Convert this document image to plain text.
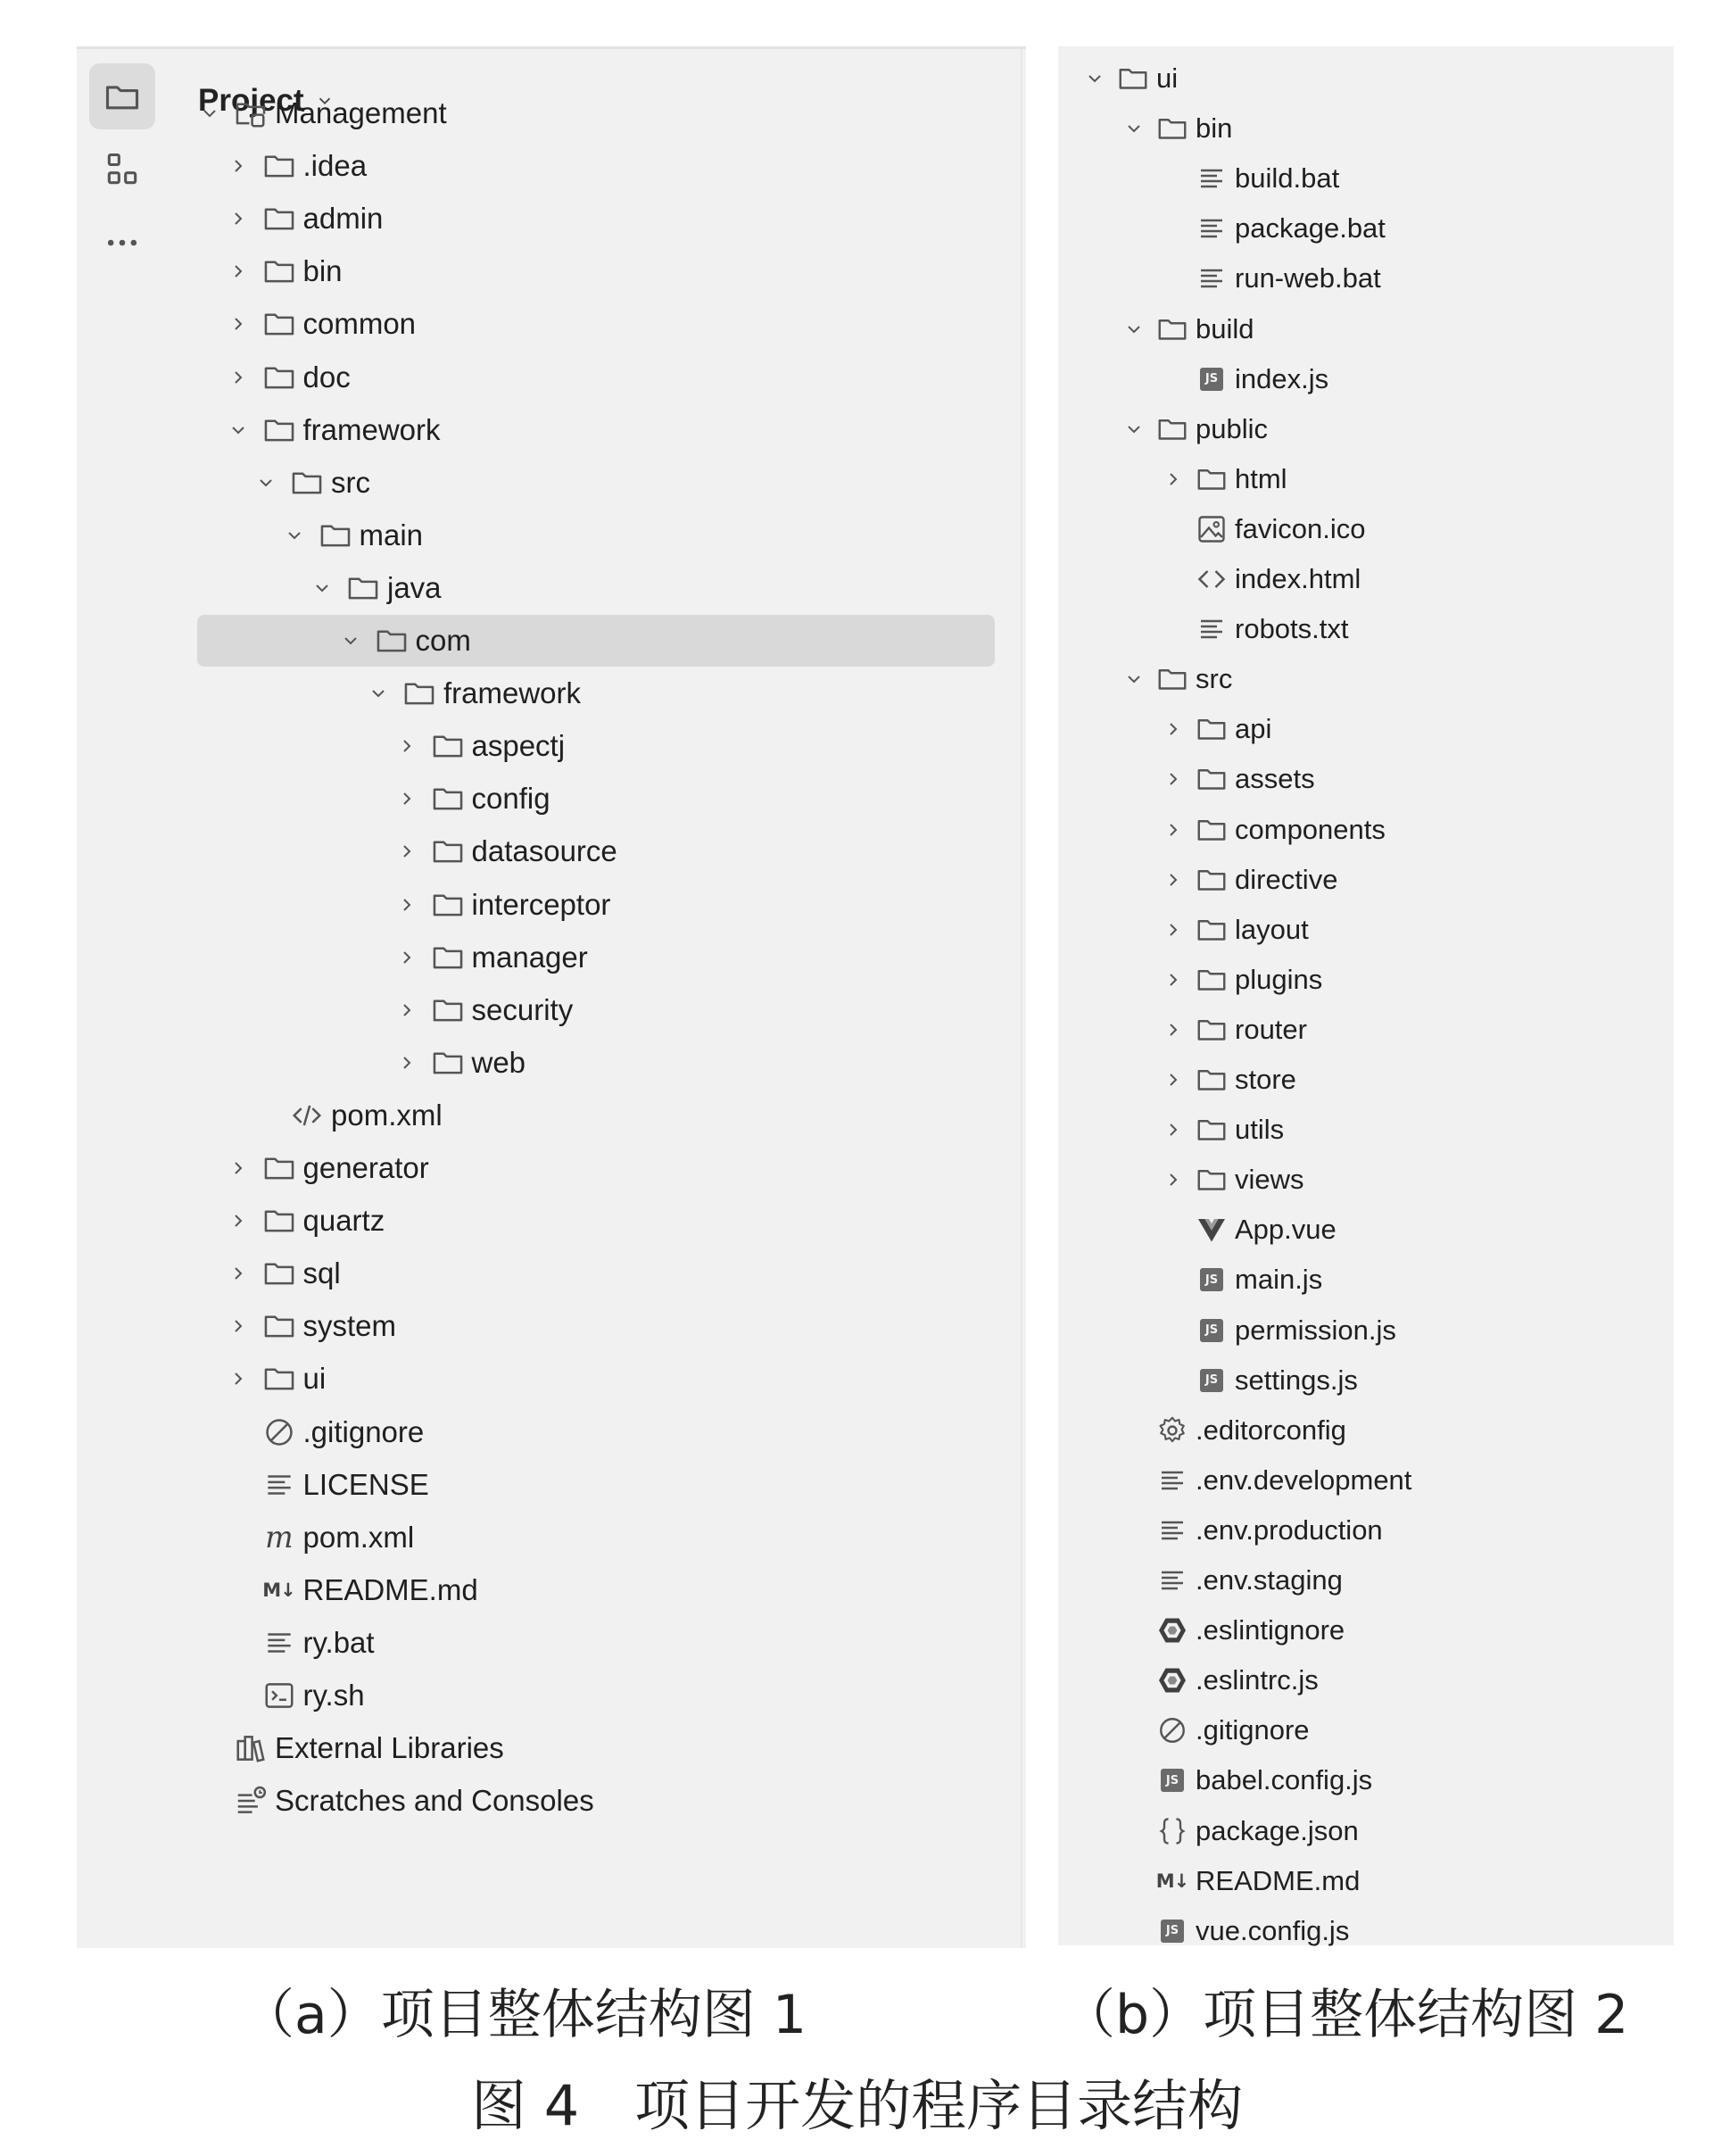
Project
Management
.idea
admin
bin
common
doc
framework
src
main
java
com
framework
aspectj
config
datasource
interceptor
manager
security
web
pom.xml
generator
quartz
sql
system
ui
.gitignore
LICENSE
m pom.xml
M↓ README.md
ry.bat
ry.sh
External Libraries
Scratches and Consoles
ui
bin
build.bat
package.bat
run-web.bat
build
JS index.js
public
html
favicon.ico
index.html
robots.txt
src
api
assets
components
directive
layout
plugins
router
store
utils
views
App.vue
JS main.js
JS permission.js
JS settings.js
.editorconfig
.env.development
.env.production
.env.staging
.eslintignore
.eslintrc.js
.gitignore
JS babel.config.js
package.json
M↓ README.md
JS vue.config.js
（a）项目整体结构图 1	（b）项目整体结构图 2
图 4　项目开发的程序目录结构
